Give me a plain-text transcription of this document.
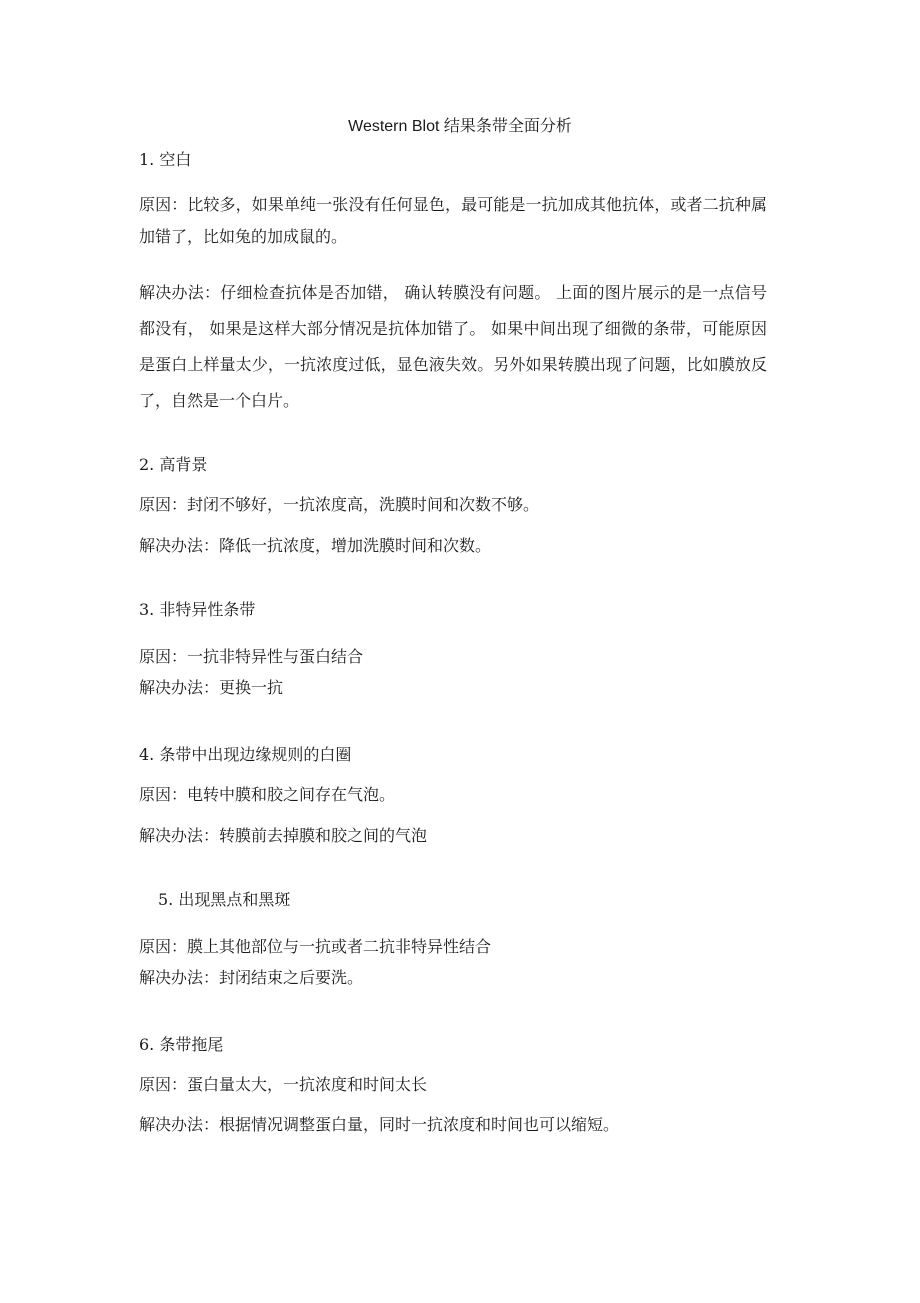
Western Blot 结果条带全面分析

1. 空白

原因：比较多，如果单纯一张没有任何显色，最可能是一抗加成其他抗体，或者二抗种属加错了，比如兔的加成鼠的。

解决办法：仔细检查抗体是否加错， 确认转膜没有问题。 上面的图片展示的是一点信号都没有， 如果是这样大部分情况是抗体加错了。 如果中间出现了细微的条带，可能原因是蛋白上样量太少，一抗浓度过低，显色液失效。另外如果转膜出现了问题，比如膜放反了，自然是一个白片。

2. 高背景

原因：封闭不够好，一抗浓度高，洗膜时间和次数不够。

解决办法：降低一抗浓度，增加洗膜时间和次数。

3. 非特异性条带

原因：一抗非特异性与蛋白结合

解决办法：更换一抗

4. 条带中出现边缘规则的白圈

原因：电转中膜和胶之间存在气泡。

解决办法：转膜前去掉膜和胶之间的气泡

5. 出现黑点和黑斑

原因：膜上其他部位与一抗或者二抗非特异性结合

解决办法：封闭结束之后要洗。

6. 条带拖尾

原因：蛋白量太大，一抗浓度和时间太长

解决办法：根据情况调整蛋白量，同时一抗浓度和时间也可以缩短。
